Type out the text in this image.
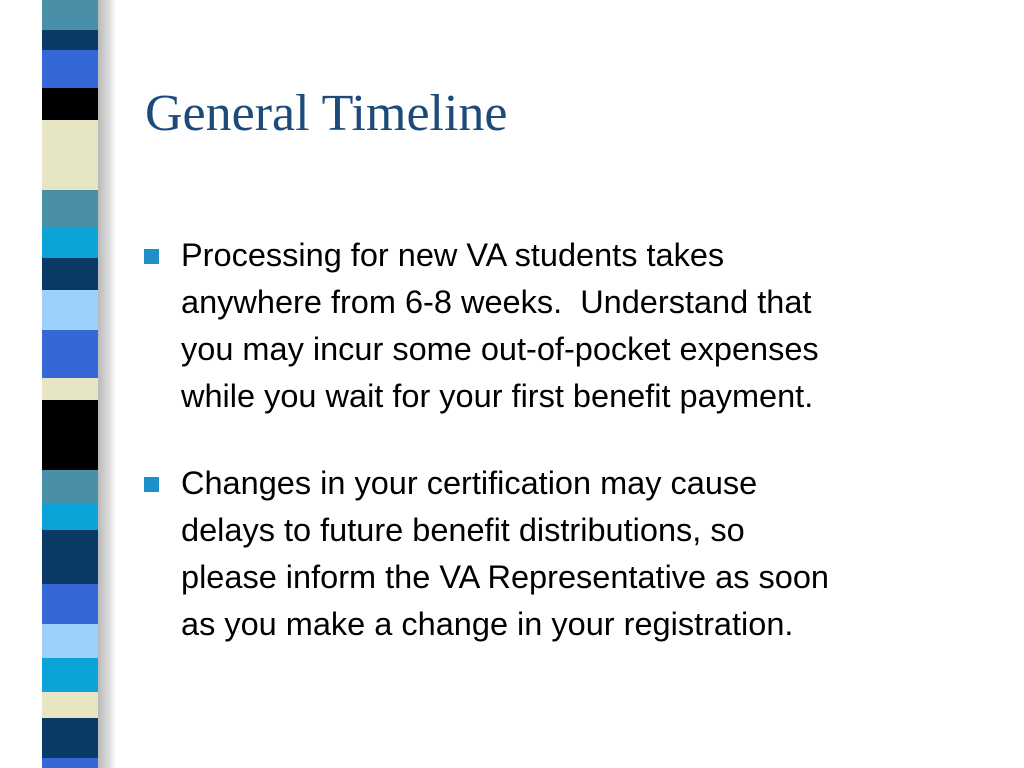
General Timeline
Processing for new VA students takes
anywhere from 6-8 weeks.  Understand that
you may incur some out-of-pocket expenses
while you wait for your first benefit payment.
Changes in your certification may cause
delays to future benefit distributions, so
please inform the VA Representative as soon
as you make a change in your registration.
